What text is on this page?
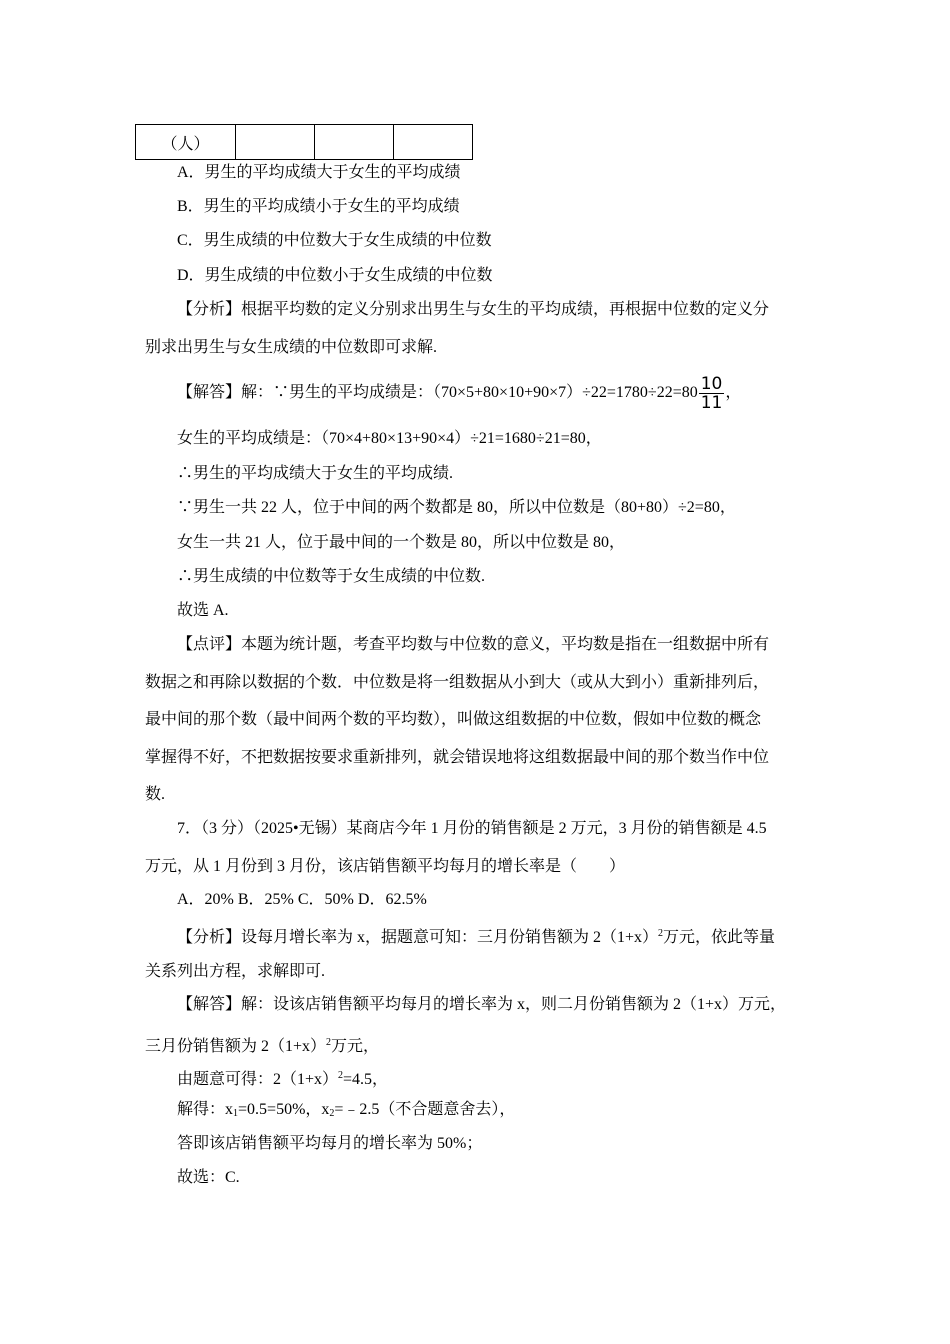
（人）			
A．男生的平均成绩大于女生的平均成绩
B．男生的平均成绩小于女生的平均成绩
C．男生成绩的中位数大于女生成绩的中位数
D．男生成绩的中位数小于女生成绩的中位数
【分析】根据平均数的定义分别求出男生与女生的平均成绩，再根据中位数的定义分
别求出男生与女生成绩的中位数即可求解.
【解答】解：∵男生的平均成绩是：$(70\times 5+80\times 10+90\times 7)\div 22=1780\div 22=80 \frac{10}{11}$ ，
女生的平均成绩是：（70×4+80×13+90×4）÷21=1680÷21=80，
∴男生的平均成绩大于女生的平均成绩.
∵男生一共 22 人，位于中间的两个数都是 80，所以中位数是（80+80）÷2=80，
女生一共 21 人，位于最中间的一个数是 80，所以中位数是 80，
∴男生成绩的中位数等于女生成绩的中位数.
故选 A.
【点评】本题为统计题，考查平均数与中位数的意义，平均数是指在一组数据中所有
数据之和再除以数据的个数．中位数是将一组数据从小到大（或从大到小）重新排列后，
最中间的那个数（最中间两个数的平均数），叫做这组数据的中位数，假如中位数的概念
掌握得不好，不把数据按要求重新排列，就会错误地将这组数据最中间的那个数当作中位
数.
7．（3 分）（2025•无锡）某商店今年 1 月份的销售额是 2 万元，3 月份的销售额是 4.5
万元，从 1 月份到 3 月份，该店销售额平均每月的增长率是（　　）
A．20% B．25% C．50% D．62.5%
【分析】设每月增长率为 x，据题意可知：三月份销售额为 $2(1+x)^2$万元，依此等量
关系列出方程，求解即可.
【解答】解：设该店销售额平均每月的增长率为 x，则二月份销售额为 2（1+x）万元，
三月份销售额为 $2(1+x)^2$万元，
由题意可得：$2(1+x)^2=4.5$，
解得：$x_1=0.5=50\%$，$x_2=﹣2.5$（不合题意舍去），
答即该店销售额平均每月的增长率为 50%；
故选：C.
